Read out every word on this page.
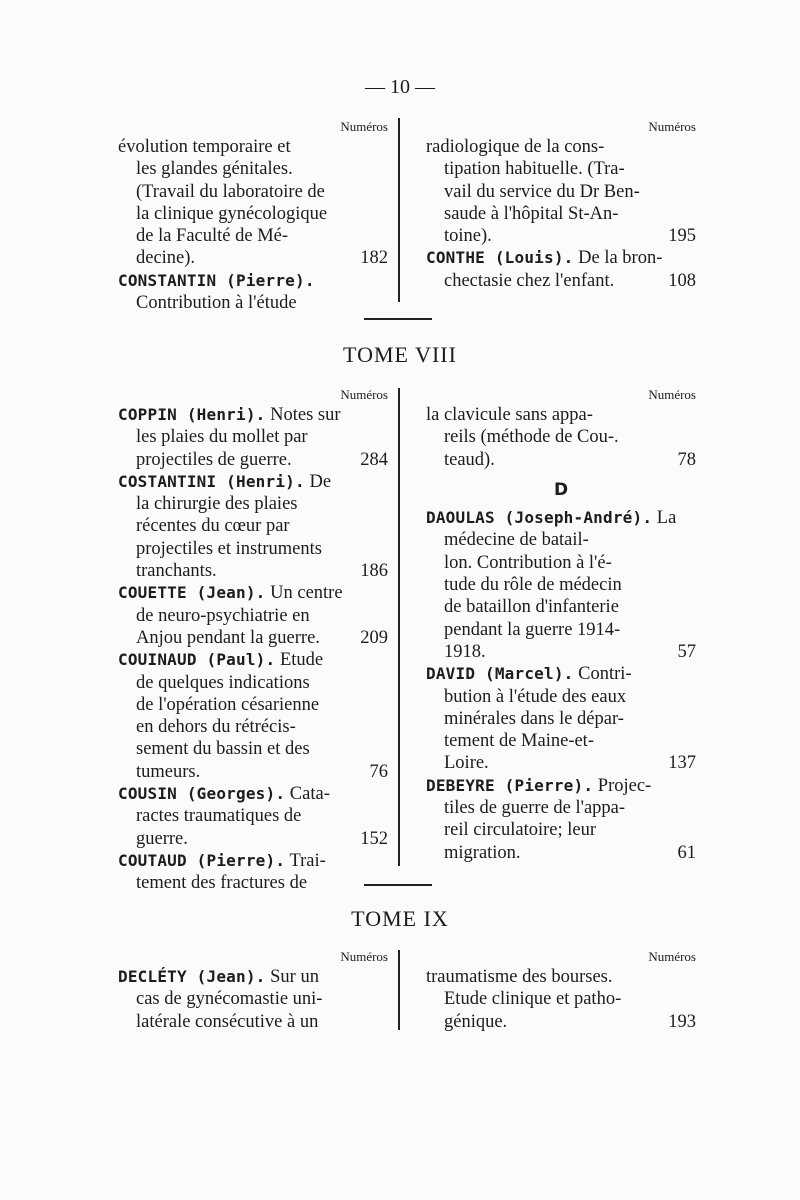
— 10 —
Numéros

évolution temporaire et
les glandes génitales.
(Travail du laboratoire de
la clinique gynécologique
de la Faculté de Mé-

182
decine).

CONSTANTIN (Pierre). Contribution à l'étude

Numéros

radiologique de la cons-
tipation habituelle. (Tra-
vail du service du Dr Ben-
saude à l'hôpital St-An-

195
toine).

CONTHE (Louis). De la bron-

108
chectasie chez l'enfant.

TOME VIII
Numéros

COPPIN (Henri). Notes sur
les plaies du mollet par

284
projectiles de guerre.

COSTANTINI (Henri). De
la chirurgie des plaies
récentes du cœur par
projectiles et instruments

186
tranchants.

COUETTE (Jean). Un centre
de neuro-psychiatrie en

209
Anjou pendant la guerre.

COUINAUD (Paul). Etude
de quelques indications
de l'opération césarienne
en dehors du rétrécis-
sement du bassin et des

76
tumeurs.

COUSIN (Georges). Cata-
ractes traumatiques de

152
guerre.

COUTAUD (Pierre). Trai-
tement des fractures de

Numéros

la clavicule sans appa-
reils (méthode de Cou-.

78
teaud).

D

DAOULAS (Joseph-André). La médecine de batail-
lon. Contribution à l'é-
tude du rôle de médecin
de bataillon d'infanterie
pendant la guerre 1914-

57
1918.

DAVID (Marcel). Contri-
bution à l'étude des eaux
minérales dans le dépar-
tement de Maine-et-

137
Loire.

DEBEYRE (Pierre). Projec-
tiles de guerre de l'appa-
reil circulatoire; leur

61
migration.

TOME IX
Numéros

DECLÉTY (Jean). Sur un
cas de gynécomastie uni-
latérale consécutive à un

Numéros

traumatisme des bourses.
Etude clinique et patho-

193
génique.
